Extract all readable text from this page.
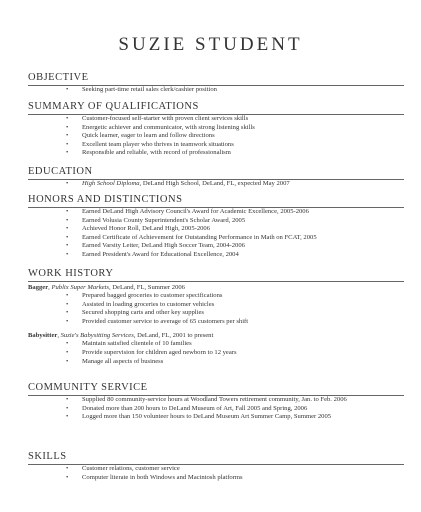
SUZIE STUDENT
OBJECTIVE
• Seeking part-time retail sales clerk/cashier position
SUMMARY OF QUALIFICATIONS
• Customer-focused self-starter with proven client services skills
• Energetic achiever and communicator, with strong listening skills
• Quick learner, eager to learn and follow directions
• Excellent team player who thrives in teamwork situations
• Responsible and reliable, with record of professionalism
EDUCATION
• High School Diploma, DeLand High School, DeLand, FL, expected May 2007
HONORS AND DISTINCTIONS
• Earned DeLand High Advisory Council's Award for Academic Excellence, 2005-2006
• Earned Volusia County Superintendent's Scholar Award, 2005
• Achieved Honor Roll, DeLand High, 2005-2006
• Earned Certificate of Achievement for Outstanding Performance in Math on FCAT, 2005
• Earned Varsity Letter, DeLand High Soccer Team, 2004-2006
• Earned President's Award for Educational Excellence, 2004
WORK HISTORY
Bagger, Publix Super Markets, DeLand, FL, Summer 2006
• Prepared bagged groceries to customer specifications
• Assisted in loading groceries to customer vehicles
• Secured shopping carts and other key supplies
• Provided customer service to average of 65 customers per shift
Babysitter, Suzie's Babysitting Services, DeLand, FL, 2001 to present
• Maintain satisfied clientele of 10 families
• Provide supervision for children aged newborn to 12 years
• Manage all aspects of business
COMMUNITY SERVICE
• Supplied 80 community-service hours at Woodland Towers retirement community, Jan. to Feb. 2006
• Donated more than 200 hours to DeLand Museum of Art, Fall 2005 and Spring, 2006
• Logged more than 150 volunteer hours to DeLand Museum Art Summer Camp, Summer 2005
SKILLS
• Customer relations, customer service
• Computer literate in both Windows and Macintosh platforms
